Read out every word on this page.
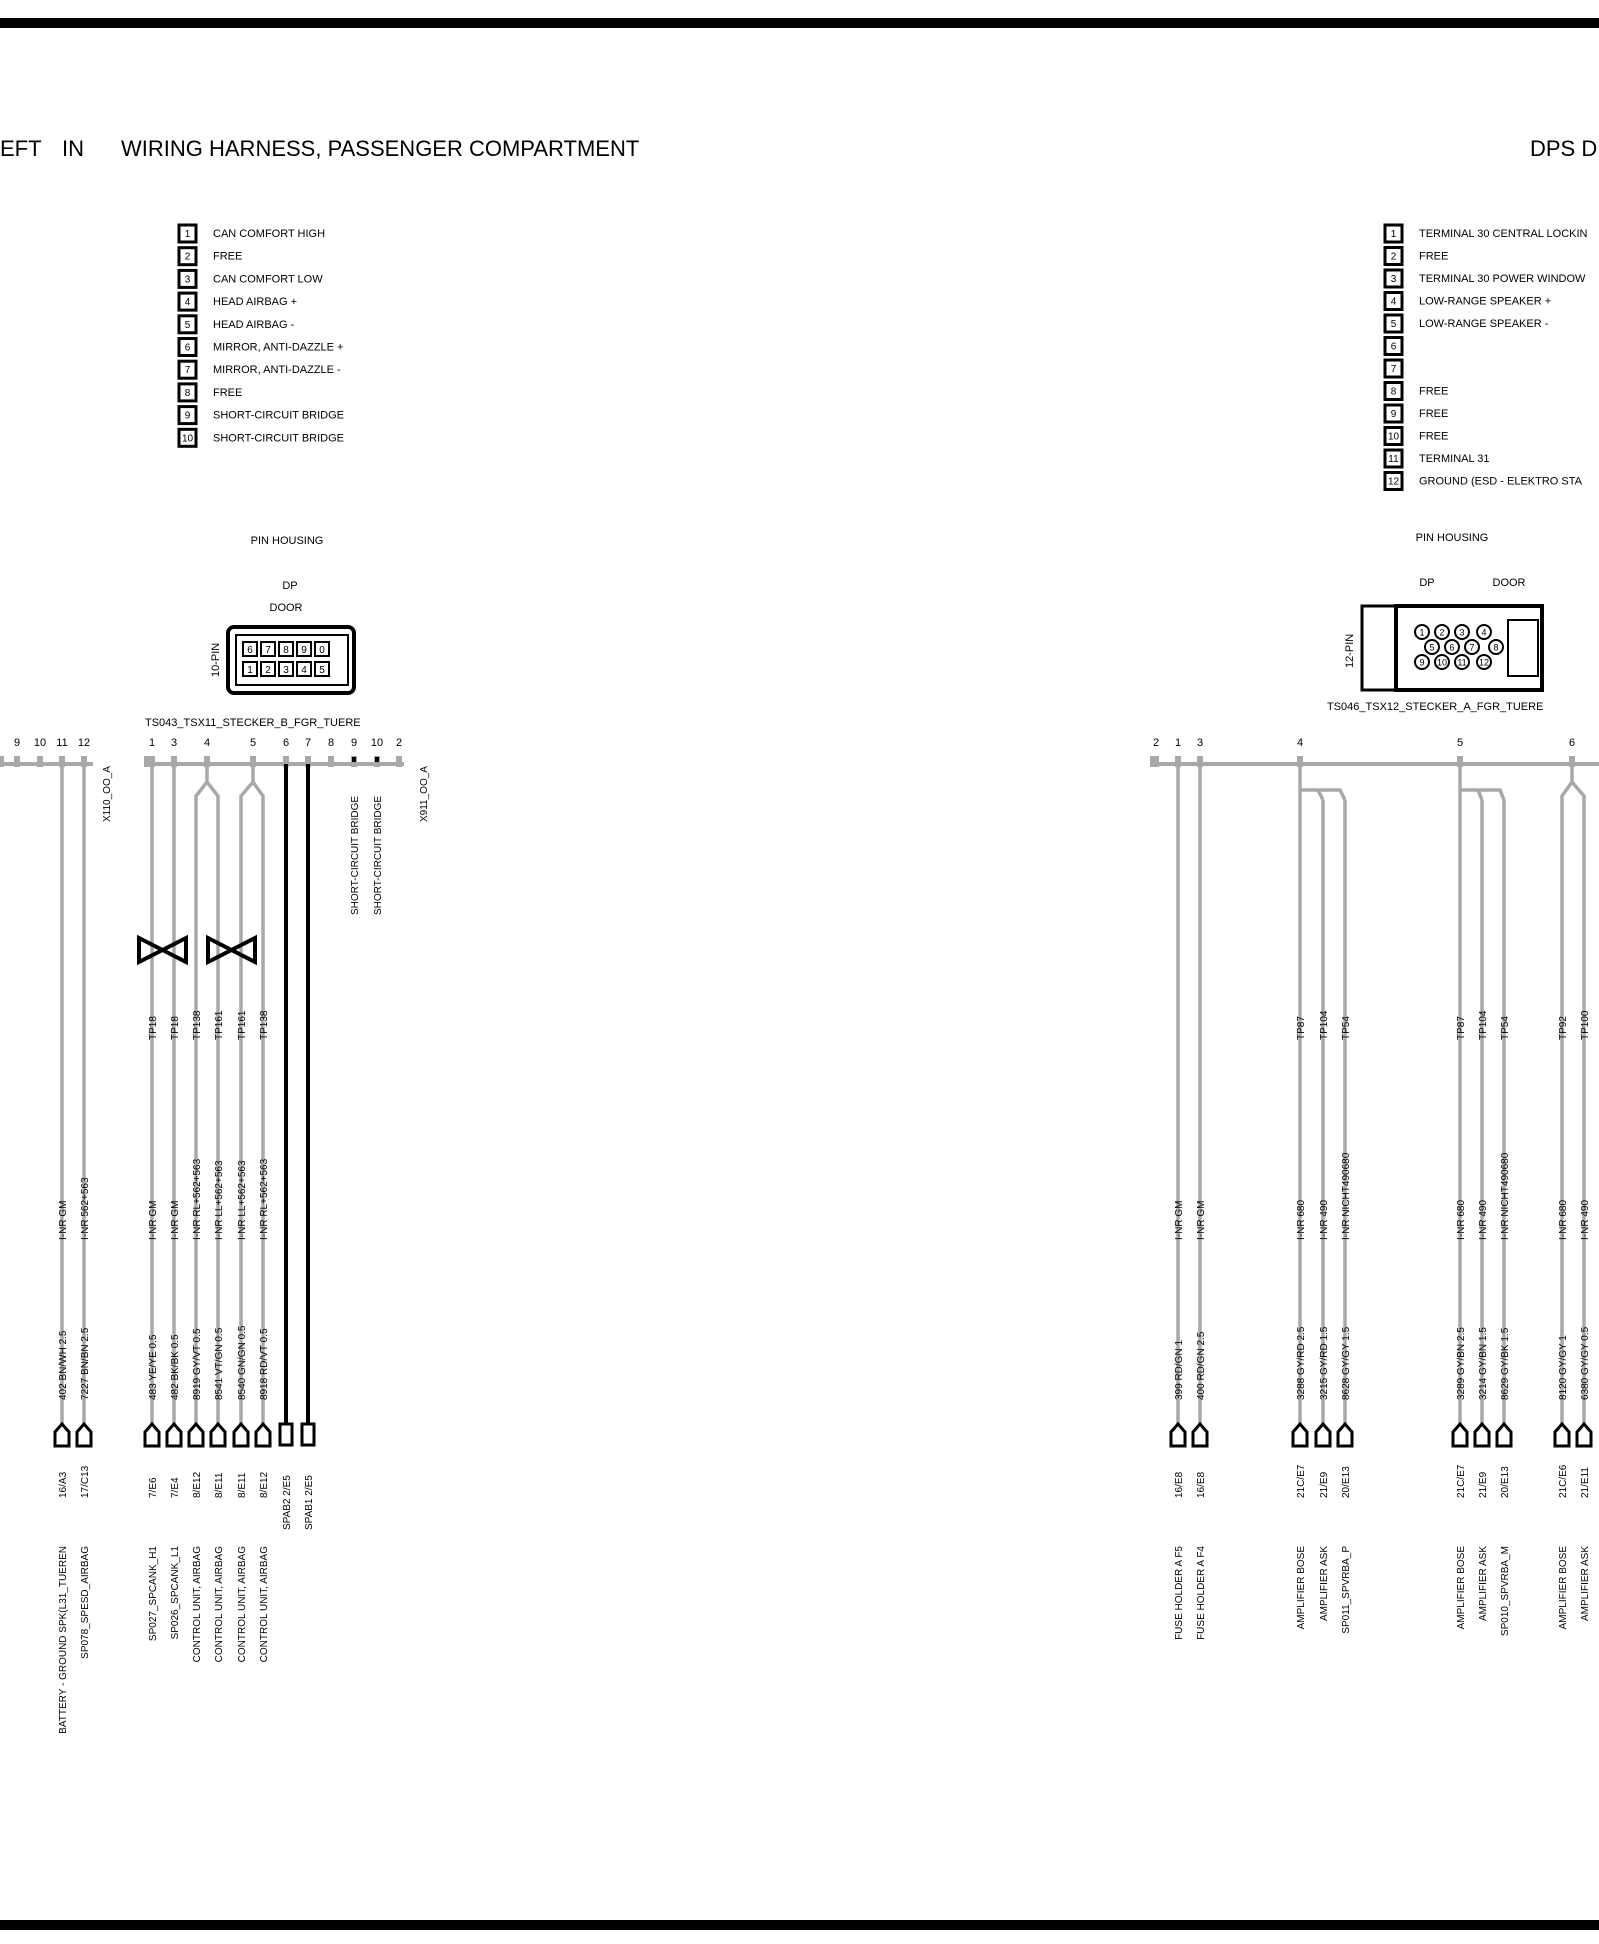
EFT IN WIRING HARNESS, PASSENGER COMPARTMENT	DPS D
1 CAN COMFORT HIGH
2 FREE
3 CAN COMFORT LOW
4 HEAD AIRBAG +
5 HEAD AIRBAG -
6 MIRROR, ANTI-DAZZLE +
7 MIRROR, ANTI-DAZZLE -
8 FREE
9 SHORT-CIRCUIT BRIDGE
10 SHORT-CIRCUIT BRIDGE
1 TERMINAL 30 CENTRAL LOCKIN
2 FREE
3 TERMINAL 30 POWER WINDOW
4 LOW-RANGE SPEAKER +
5 LOW-RANGE SPEAKER -
6
7
8 FREE
9 FREE
10 FREE
11 TERMINAL 31
12 GROUND (ESD - ELEKTRO STA
PIN HOUSING
DP
DOOR
10-PIN	6 7 8 9 0
1 2 3 4 5
TS043_TSX11_STECKER_B_FGR_TUERE
PIN HOUSING
DP	DOOR
12-PIN
1 2 3 4
5 6 7 8
9 10 11 12
TS046_TSX12_STECKER_A_FGR_TUERE
9 10 11 12
X110_OO_A
1 3 4	5 6 7 8 9 10 2
SHORT-CIRCUIT BRIDGE SHORT-CIRCUIT BRIDGE
X911_OO_A
2 1 3	4	5	6
I-NR GM
402 BN/WH 2.5
16/A3
BATTERY - GROUND SPK(L31_TUEREN
I-NR 562+563
7227 BN/BN 2.5
17/C13
SP078_SPESD_AIRBAG
TP18
I-NR GM
483 YE/YE 0.5
7/E6
SP027_SPCANK_H1
TP18
I-NR GM
482 BK/BK 0.5
7/E4
SP026_SPCANK_L1
TP138
I-NR RL+562+563
8919 GY/VT 0.5
8/E12
CONTROL UNIT, AIRBAG
TP161
I-NR LL+562+563
8541 VT/GN 0.5
8/E11
CONTROL UNIT, AIRBAG
TP161
I-NR LL+562+563
8540 GN/GN 0.5
8/E11
CONTROL UNIT, AIRBAG
TP138
I-NR RL+562+563
8918 RD/VT 0.5
8/E12
CONTROL UNIT, AIRBAG
SPAB2 2/E5 SPAB1 2/E5
I-NR GM
399 RD/GN 1
16/E8
FUSE HOLDER A F5
I-NR GM
400 RD/GN 2.5
16/E8
FUSE HOLDER A F4
TP87
I-NR 680
3288 GY/RD 2.5
21C/E7
AMPLIFIER BOSE
TP104
I-NR 490
3215 GY/RD 1.5
21/E9
AMPLIFIER ASK
TP54
I-NR NICHT490680
8628 GY/GY 1.5
20/E13
SP011_SPVRBA_P
TP87
I-NR 680
3289 GY/BN 2.5
21C/E7
AMPLIFIER BOSE
TP104
I-NR 490
3214 GY/BN 1.5
21/E9
AMPLIFIER ASK
TP54
I-NR NICHT490680
8629 GY/BK 1.5
20/E13
SP010_SPVRBA_M
TP92
I-NR 680
8120 GY/GY 1
21C/E6
AMPLIFIER BOSE
TP100
I-NR 490
6380 GY/GY 0.5
21/E11
AMPLIFIER ASK
